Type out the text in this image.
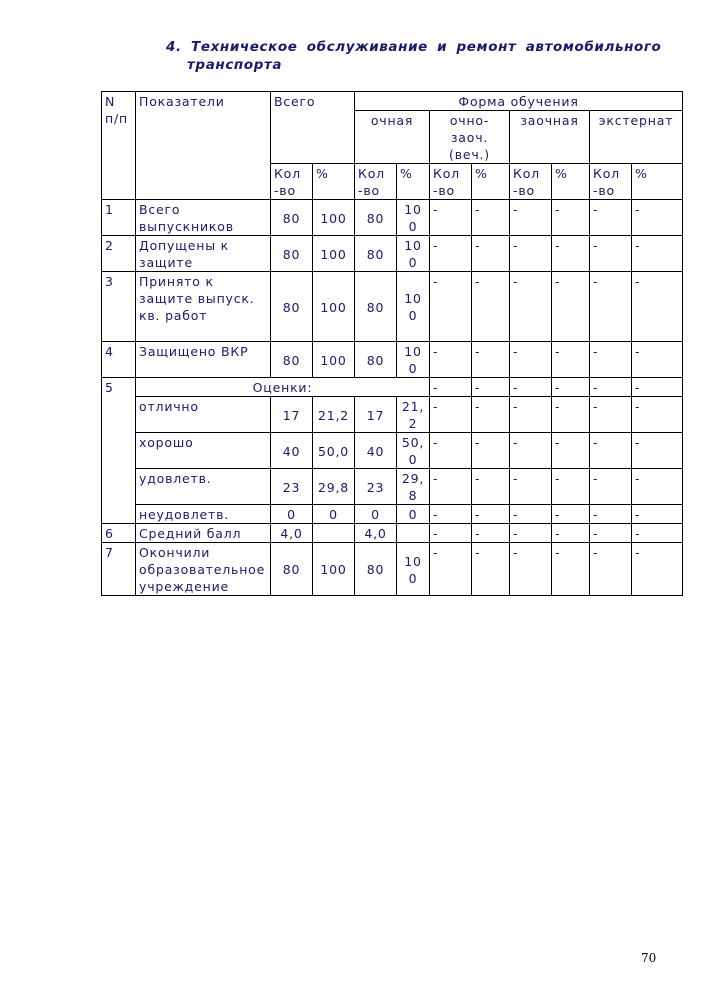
4. Техническое обслуживание и ремонт автомобильного
транспорта
N п/п	Показатели	Всего		Форма обучения							
				очная		очно-заоч. (веч.)		заочная		экстернат	
		Кол -во	%	Кол -во	%	Кол -во	%	Кол -во	%	Кол -во	%
1	Всего выпускников	80	100	80	10 0	-	-	-	-	-	-
2	Допущены к защите	80	100	80	10 0	-	-	-	-	-	-
3	Принято к защите выпуск. кв. работ	80	100	80	10 0	-	-	-	-	-	-
4	Защищено ВКР	80	100	80	10 0	-	-	-	-	-	-
5	Оценки:					-	-	-	-	-	-
	отлично	17	21,2	17	21, 2	-	-	-	-	-	-
	хорошо	40	50,0	40	50, 0	-	-	-	-	-	-
	удовлетв.	23	29,8	23	29, 8	-	-	-	-	-	-
	неудовлетв.	0	0	0	0	-	-	-	-	-	-
6	Средний балл	4,0		4,0		-	-	-	-	-	-
7	Окончили образовательное учреждение	80	100	80	10 0	-	-	-	-	-	-
70
